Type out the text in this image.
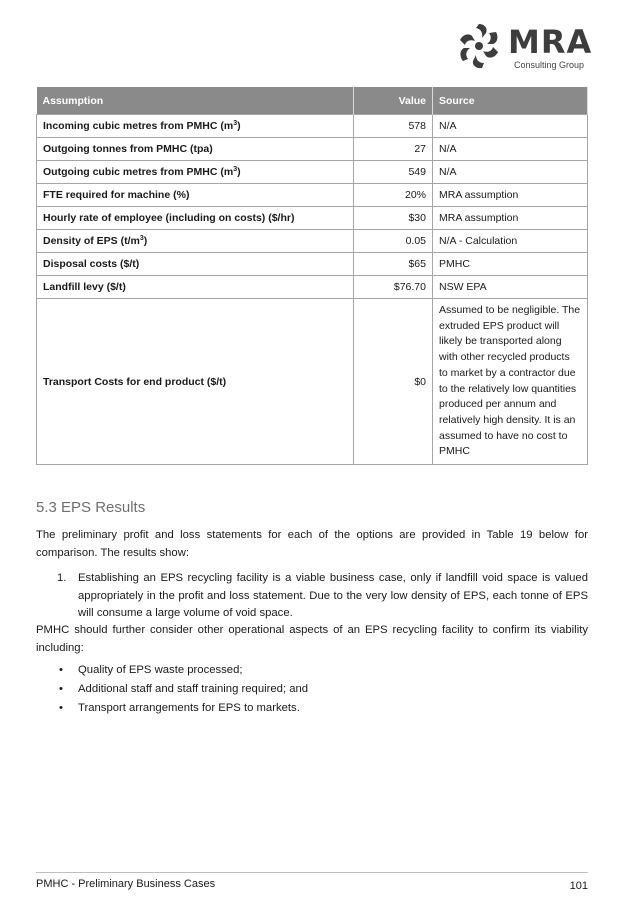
MRA
Consulting Group
Assumption	Value	Source
Incoming cubic metres from PMHC $(m^3)$	578	N/A
Outgoing tonnes from PMHC (tpa)	27	N/A
Outgoing cubic metres from PMHC $(m^3)$	549	N/A
FTE required for machine (%)	20%	MRA assumption
Hourly rate of employee (including on costs) ($/hr)	$30	MRA assumption
Density of EPS $(t/m^3)$	0.05	N/A - Calculation
Disposal costs ($/t)	$65	PMHC
Landfill levy ($/t)	$76.70	NSW EPA
Transport Costs for end product ($/t)	$0	Assumed to be negligible. The extruded EPS product will likely be transported along with other recycled products to market by a contractor due to the relatively low quantities produced per annum and relatively high density. It is an assumed to have no cost to PMHC
5.3 EPS Results

The preliminary profit and loss statements for each of the options are provided in Table 19 below for comparison. The results show:

1. Establishing an EPS recycling facility is a viable business case, only if landfill void space is valued appropriately in the profit and loss statement. Due to the very low density of EPS, each tonne of EPS will consume a large volume of void space.

PMHC should further consider other operational aspects of an EPS recycling facility to confirm its viability including:

• Quality of EPS waste processed;
• Additional staff and staff training required; and
• Transport arrangements for EPS to markets.
PMHC - Preliminary Business Cases	101
